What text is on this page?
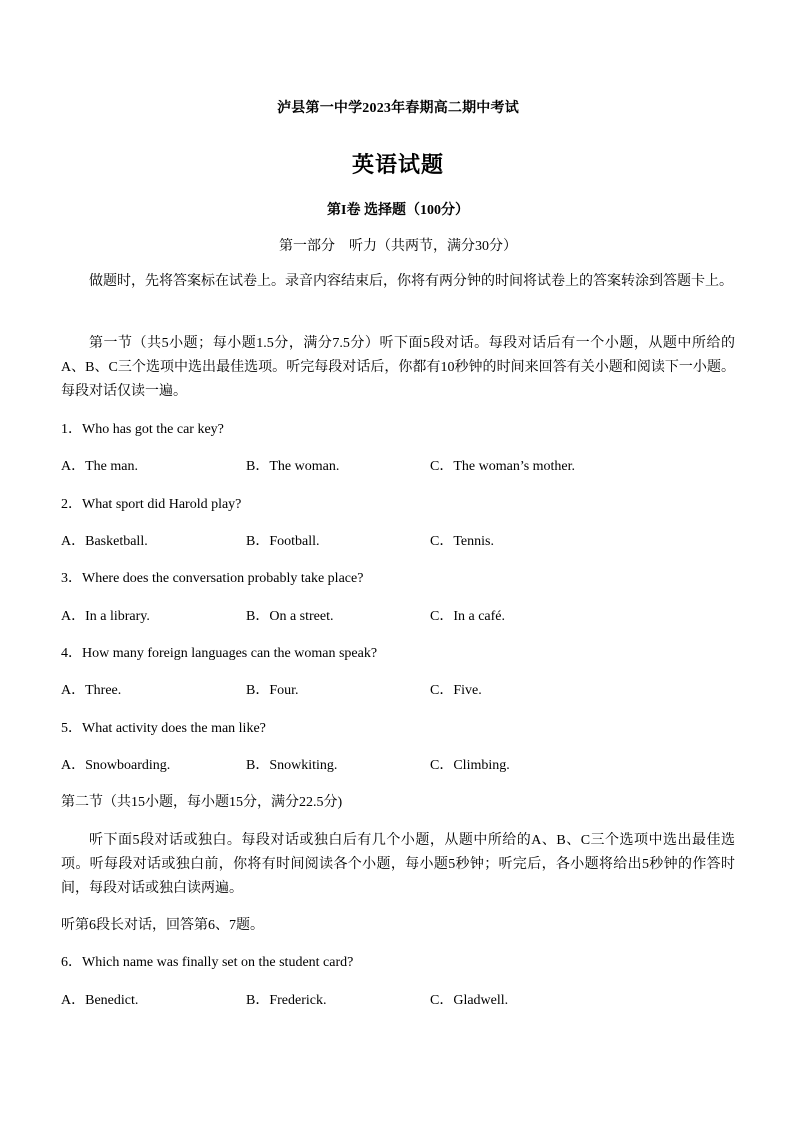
泸县第一中学2023年春期高二期中考试
英语试题
第I卷 选择题（100分）
第一部分　听力（共两节，满分30分）
做题时，先将答案标在试卷上。录音内容结束后，你将有两分钟的时间将试卷上的答案转涂到答题卡上。
第一节（共5小题；每小题1.5分，满分7.5分）听下面5段对话。每段对话后有一个小题，从题中所给的A、B、C三个选项中选出最佳选项。听完每段对话后，你都有10秒钟的时间来回答有关小题和阅读下一小题。每段对话仅读一遍。
1．Who has got the car key?
A．The man.	B．The woman.	C．The woman’s mother.
2．What sport did Harold play?
A．Basketball.	B．Football.	C．Tennis.
3．Where does the conversation probably take place?
A．In a library.	B．On a street.	C．In a café.
4．How many foreign languages can the woman speak?
A．Three.	B．Four.	C．Five.
5．What activity does the man like?
A．Snowboarding.	B．Snowkiting.	C．Climbing.
第二节（共15小题，每小题15分，满分22.5分)
听下面5段对话或独白。每段对话或独白后有几个小题，从题中所给的A、B、C三个选项中选出最佳选项。听每段对话或独白前，你将有时间阅读各个小题，每小题5秒钟；听完后，各小题将给出5秒钟的作答时间，每段对话或独白读两遍。
听第6段长对话，回答第6、7题。
6．Which name was finally set on the student card?
A．Benedict.	B．Frederick.	C．Gladwell.
